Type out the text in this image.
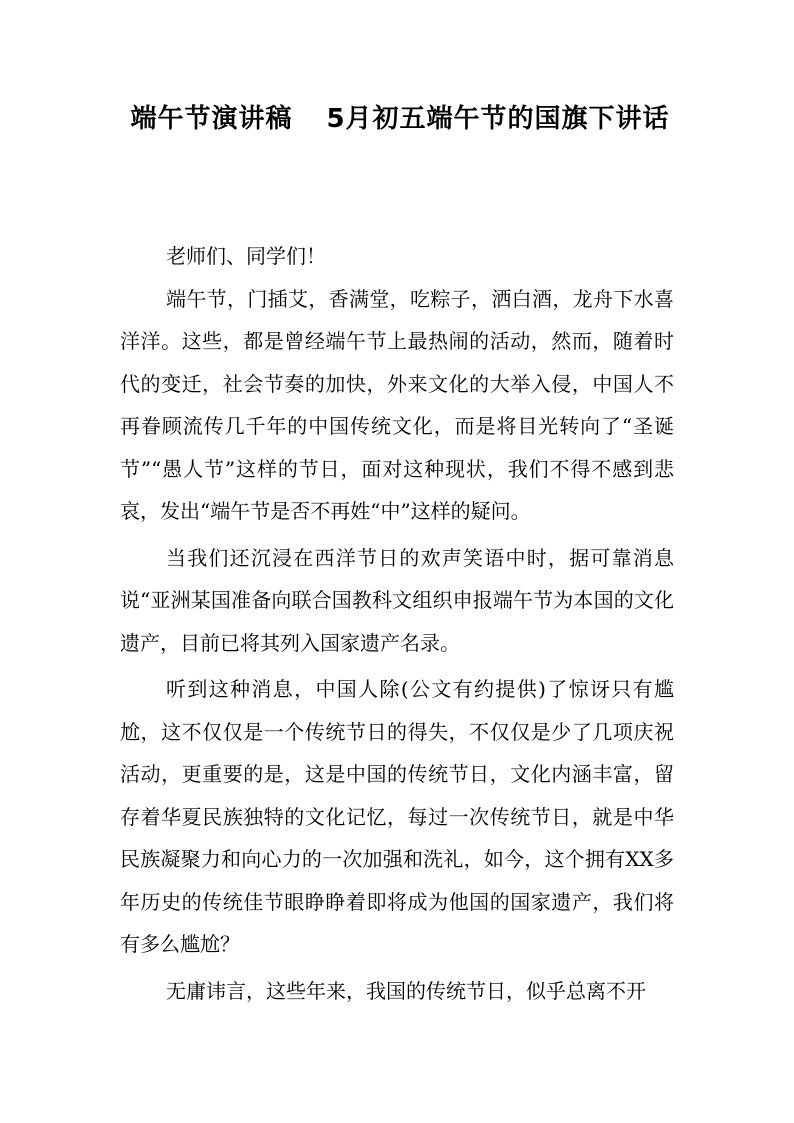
端午节演讲稿 5月初五端午节的国旗下讲话

老师们、同学们！

端午节，门插艾，香满堂，吃粽子，洒白酒，龙舟下水喜洋洋。这些，都是曾经端午节上最热闹的活动，然而，随着时代的变迁，社会节奏的加快，外来文化的大举入侵，中国人不再眷顾流传几千年的中国传统文化，而是将目光转向了“圣诞节”“愚人节”这样的节日，面对这种现状，我们不得不感到悲哀，发出“端午节是否不再姓“中”这样的疑问。

当我们还沉浸在西洋节日的欢声笑语中时，据可靠消息说“亚洲某国准备向联合国教科文组织申报端午节为本国的文化遗产，目前已将其列入国家遗产名录。

听到这种消息，中国人除(公文有约提供)了惊讶只有尴尬，这不仅仅是一个传统节日的得失，不仅仅是少了几项庆祝活动，更重要的是，这是中国的传统节日，文化内涵丰富，留存着华夏民族独特的文化记忆，每过一次传统节日，就是中华民族凝聚力和向心力的一次加强和洗礼，如今，这个拥有XX多年历史的传统佳节眼睁睁着即将成为他国的国家遗产，我们将有多么尴尬？

无庸讳言，这些年来，我国的传统节日，似乎总离不开
